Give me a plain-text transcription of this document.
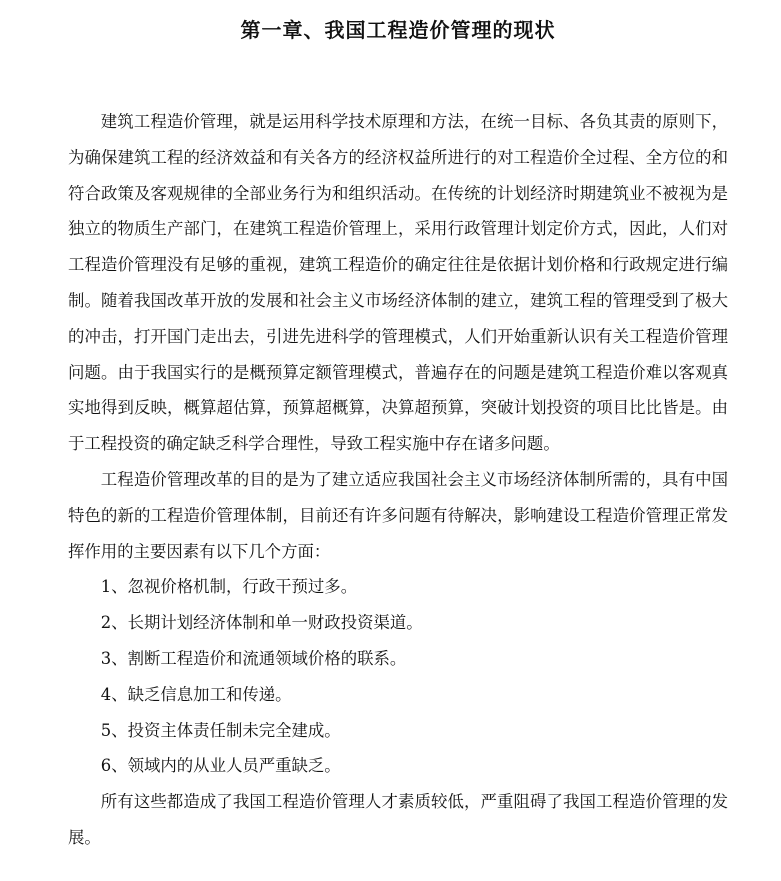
第一章、我国工程造价管理的现状

建筑工程造价管理，就是运用科学技术原理和方法，在统一目标、各负其责的原则下，为确保建筑工程的经济效益和有关各方的经济权益所进行的对工程造价全过程、全方位的和符合政策及客观规律的全部业务行为和组织活动。在传统的计划经济时期建筑业不被视为是独立的物质生产部门，在建筑工程造价管理上，采用行政管理计划定价方式，因此，人们对工程造价管理没有足够的重视，建筑工程造价的确定往往是依据计划价格和行政规定进行编制。随着我国改革开放的发展和社会主义市场经济体制的建立，建筑工程的管理受到了极大的冲击，打开国门走出去，引进先进科学的管理模式，人们开始重新认识有关工程造价管理问题。由于我国实行的是概预算定额管理模式，普遍存在的问题是建筑工程造价难以客观真实地得到反映，概算超估算，预算超概算，决算超预算，突破计划投资的项目比比皆是。由于工程投资的确定缺乏科学合理性，导致工程实施中存在诸多问题。

工程造价管理改革的目的是为了建立适应我国社会主义市场经济体制所需的，具有中国特色的新的工程造价管理体制，目前还有许多问题有待解决，影响建设工程造价管理正常发挥作用的主要因素有以下几个方面：

1、忽视价格机制，行政干预过多。
2、长期计划经济体制和单一财政投资渠道。
3、割断工程造价和流通领域价格的联系。
4、缺乏信息加工和传递。
5、投资主体责任制未完全建成。
6、领域内的从业人员严重缺乏。

所有这些都造成了我国工程造价管理人才素质较低，严重阻碍了我国工程造价管理的发展。
